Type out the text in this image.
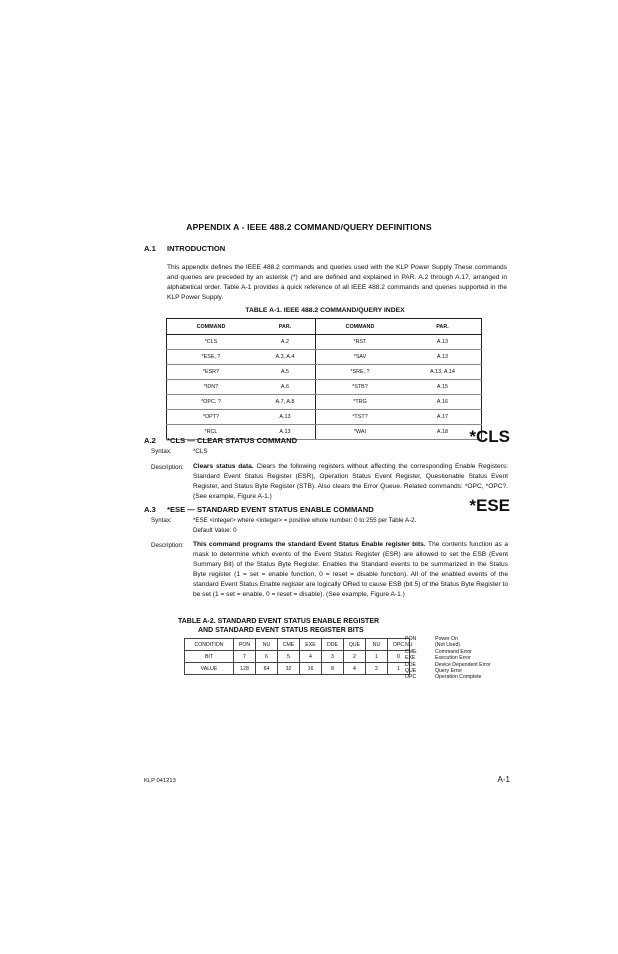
APPENDIX A - IEEE 488.2 COMMAND/QUERY DEFINITIONS
A.1 INTRODUCTION
This appendix defines the IEEE 488.2 commands and queries used with the KLP Power Supply These commands and queries are preceded by an asterisk (*) and are defined and explained in PAR. A.2 through A.17, arranged in alphabetical order. Table A-1 provides a quick reference of all IEEE 488.2 commands and queries supported in the KLP Power Supply.
TABLE A-1. IEEE 488.2 COMMAND/QUERY INDEX
COMMAND	PAR.	COMMAND	PAR.
*CLS	A.2	*RST	A.13
*ESE, ?	A.3, A.4	*SAV	A.13
*ESR?	A.5	*SRE, ?	A.13, A.14
*IDN?	A.6	*STB?	A.15
*OPC, ?	A.7, A.8	*TRG	A.16
*OPT?	A.13	*TST?	A.17
*RCL	A.13	*WAI	A.18
A.2 *CLS — CLEAR STATUS COMMAND	*CLS
Syntax:	*CLS
Description: Clears status data. Clears the following registers without affecting the corresponding Enable Registers: Standard Event Status Register (ESR), Operation Status Event Register, Questionable Status Event Register, and Status Byte Register (STB). Also clears the Error Queue. Related commands: *OPC, *OPC?. (See example, Figure A-1.)
A.3 *ESE — STANDARD EVENT STATUS ENABLE COMMAND	*ESE
Syntax:	*ESE <integer> where <integer> = positive whole number: 0 to 255 per Table A-2.
Default Value: 0
Description: This command programs the standard Event Status Enable register bits. The contents function as a mask to determine which events of the Event Status Register (ESR) are allowed to set the ESB (Event Summary Bit) of the Status Byte Register. Enables the Standard events to be summarized in the Status Byte register (1 = set = enable function, 0 = reset = disable function). All of the enabled events of the standard Event Status Enable register are logically ORed to cause ESB (bit 5) of the Status Byte Register to be set (1 = set = enable, 0 = reset = disable). (See example, Figure A-1.)
TABLE A-2. STANDARD EVENT STATUS ENABLE REGISTER
AND STANDARD EVENT STATUS REGISTER BITS
CONDITION	PON	NU	CME	EXE	DDE	QUE	NU	OPC
BIT	7	6	5	4	3	2	1	0
VALUE	128	64	32	16	8	4	2	1
PON	Power On
NU	(Not Used)
CME	Command Error
EXE	Execution Error
DDE	Device Dependent Error
QUE	Query Error
OPC	Operation Complete
KLP 041213	A-1
